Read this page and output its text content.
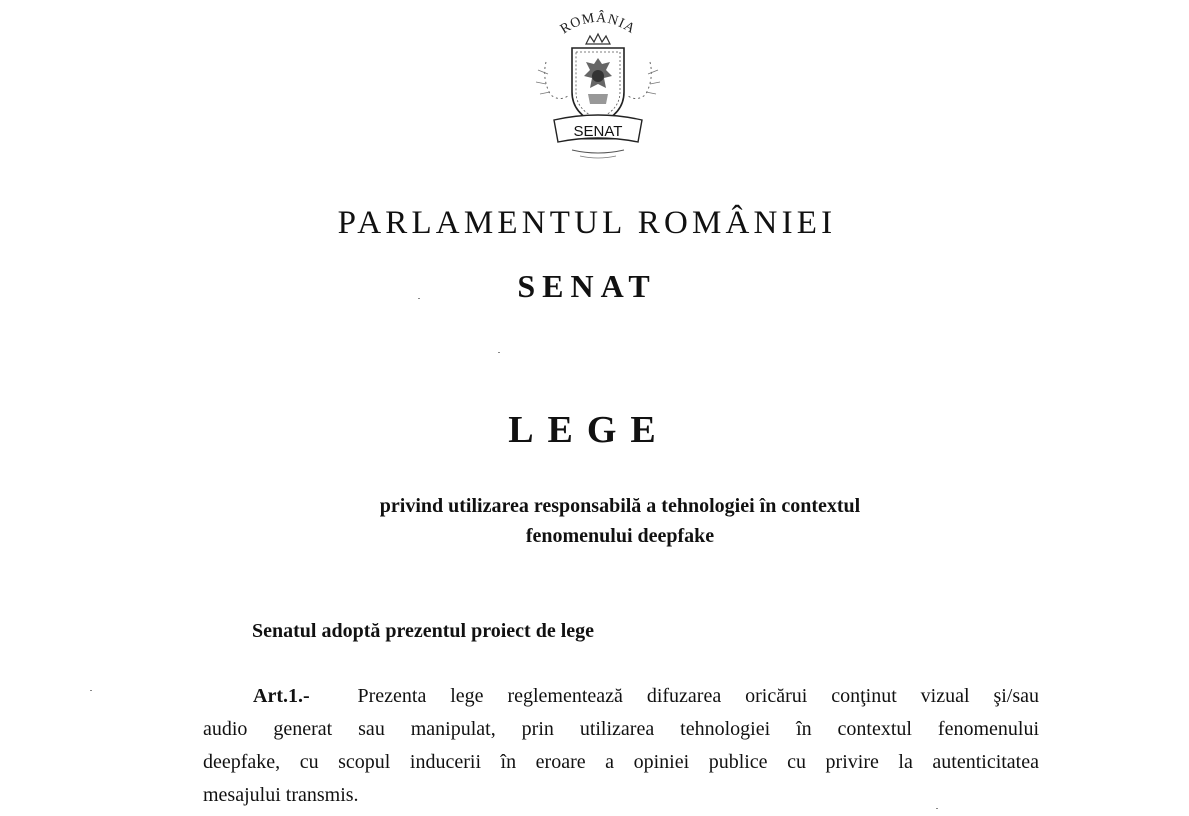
ROMÂNIA
SENAT
PARLAMENTUL ROMÂNIEI
SENAT
LEGE
privind utilizarea responsabilă a tehnologiei în contextul
fenomenului deepfake
Senatul adoptă prezentul proiect de lege
Art.1.- Prezenta lege reglementează difuzarea oricărui conţinut vizual şi/sau
audio generat sau manipulat, prin utilizarea tehnologiei în contextul fenomenului
deepfake, cu scopul inducerii în eroare a opiniei publice cu privire la autenticitatea
mesajului transmis.
